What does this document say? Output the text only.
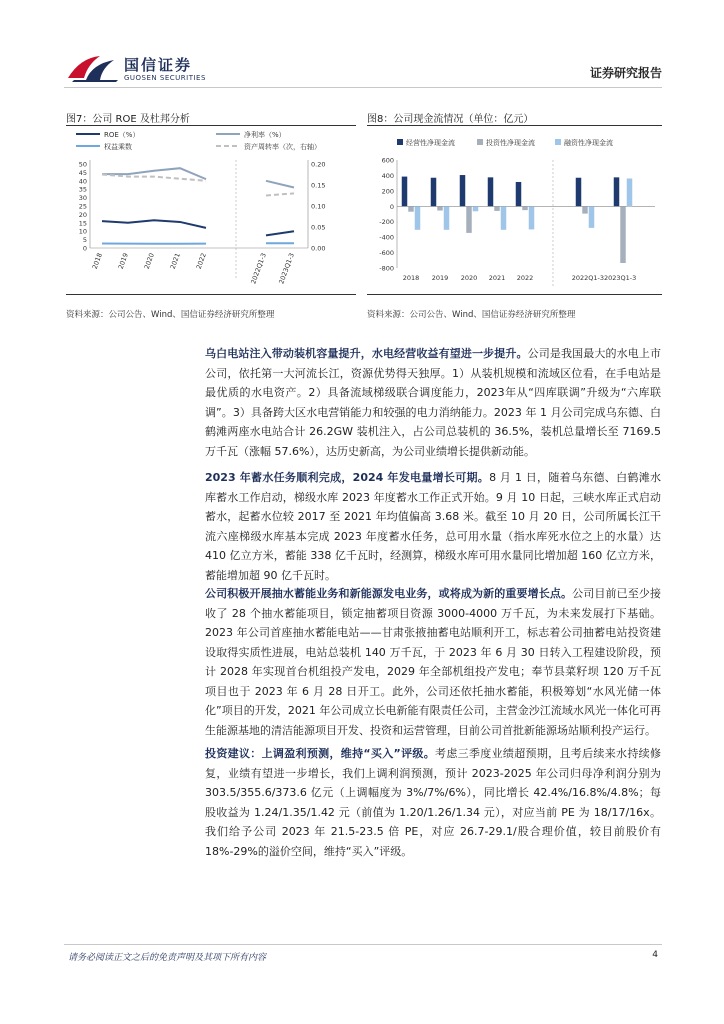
国信证券
GUOSEN SECURITIES	证券研究报告
图7：公司 ROE 及杜邦分析
ROE（%）	净利率（%）
权益乘数	资产周转率（次，右轴）
0
5
10
15
20
25
30
35
40
45
50
0.00
0.05
0.10
0.15
0.20
2018 2019 2020 2021 2022	2022Q1-3 2023Q1-3
资料来源：公司公告、Wind、国信证券经济研究所整理
图8：公司现金流情况（单位：亿元）
经营性净现金流	投资性净现金流	融资性净现金流
-800
-600
-400
-200
0
200
400
600
2018 2019 2020 2021 2022	2022Q1-32023Q1-3
资料来源：公司公告、Wind、国信证券经济研究所整理

乌白电站注入带动装机容量提升，水电经营收益有望进一步提升。公司是我国最大的水电上市公司，依托第一大河流长江，资源优势得天独厚。1）从装机规模和流域区位看，在手电站是最优质的水电资产。2）具备流域梯级联合调度能力，2023年从“四库联调”升级为“六库联调”。3）具备跨大区水电营销能力和较强的电力消纳能力。2023 年 1 月公司完成乌东德、白鹤滩两座水电站合计 26.2GW 装机注入，占公司总装机的 36.5%，装机总量增长至 7169.5 万千瓦（涨幅 57.6%），达历史新高，为公司业绩增长提供新动能。

2023 年蓄水任务顺利完成，2024 年发电量增长可期。8 月 1 日，随着乌东德、白鹤滩水库蓄水工作启动，梯级水库 2023 年度蓄水工作正式开始。9 月 10 日起，三峡水库正式启动蓄水，起蓄水位较 2017 至 2021 年均值偏高 3.68 米。截至 10 月 20 日，公司所属长江干流六座梯级水库基本完成 2023 年度蓄水任务，总可用水量（指水库死水位之上的水量）达 410 亿立方米，蓄能 338 亿千瓦时，经测算，梯级水库可用水量同比增加超 160 亿立方米，蓄能增加超 90 亿千瓦时。

公司积极开展抽水蓄能业务和新能源发电业务，或将成为新的重要增长点。公司目前已至少接收了 28 个抽水蓄能项目，锁定抽蓄项目资源 3000-4000 万千瓦，为未来发展打下基础。2023 年公司首座抽水蓄能电站——甘肃张掖抽蓄电站顺利开工，标志着公司抽蓄电站投资建设取得实质性进展，电站总装机 140 万千瓦，于 2023 年 6 月 30 日转入工程建设阶段，预计 2028 年实现首台机组投产发电，2029 年全部机组投产发电；奉节县菜籽坝 120 万千瓦项目也于 2023 年 6 月 28 日开工。此外，公司还依托抽水蓄能，积极筹划“水风光储一体化”项目的开发，2021 年公司成立长电新能有限责任公司，主营金沙江流域水风光一体化可再生能源基地的清洁能源项目开发、投资和运营管理，目前公司首批新能源场站顺利投产运行。

投资建议：上调盈利预测，维持“买入”评级。考虑三季度业绩超预期，且考后续来水持续修复，业绩有望进一步增长，我们上调利润预测，预计 2023-2025 年公司归母净利润分别为 303.5/355.6/373.6 亿元（上调幅度为 3%/7%/6%），同比增长 42.4%/16.8%/4.8%；每股收益为 1.24/1.35/1.42 元（前值为 1.20/1.26/1.34 元），对应当前 PE 为 18/17/16x。我们给予公司 2023 年 21.5-23.5 倍 PE，对应 26.7-29.1/股合理价值，较目前股价有 18%-29%的溢价空间，维持“买入”评级。

请务必阅读正文之后的免责声明及其项下所有内容	4
